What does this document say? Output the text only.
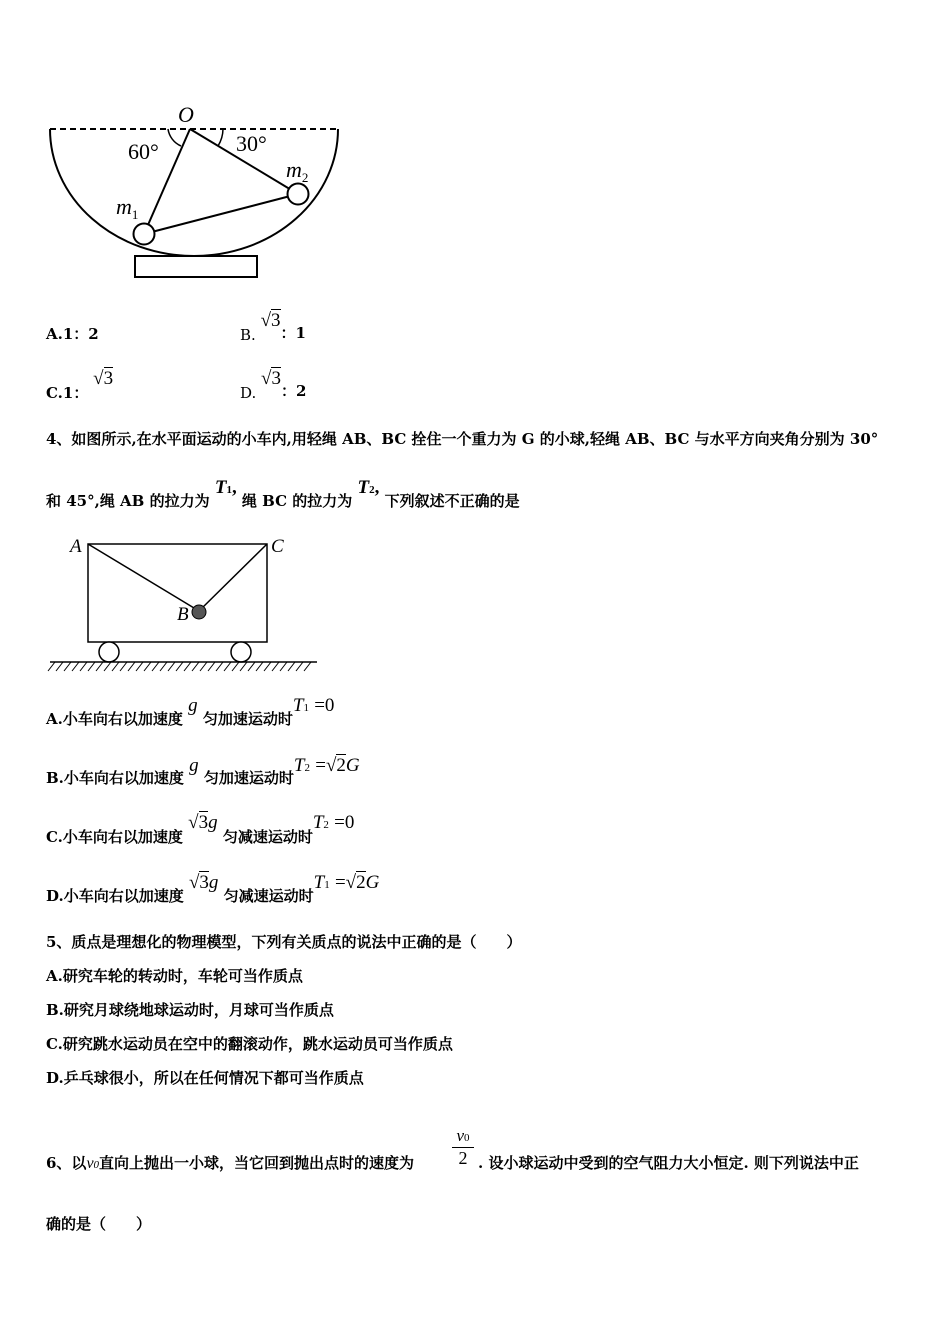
O
60°	30°
$m_2$
$m_1$
A.1：2	B. √3：1
C.1： √3
D. √3：2
4、如图所示,在水平面运动的小车内,用轻绳 AB、BC 拴住一个重力为 G 的小球,轻绳 AB、BC 与水平方向夹角分别为 30°
和 45°,绳 AB 的拉力为 T1, 绳 BC 的拉力为 T2, 下列叙述不正确的是
A	C
B
A.小车向右以加速度 g 匀加速运动时T1 =0
B.小车向右以加速度 g 匀加速运动时T2 =√2G
C.小车向右以加速度 √3g 匀减速运动时T2 =0
D.小车向右以加速度 √3g 匀减速运动时T1 =√2G
5、质点是理想化的物理模型，下列有关质点的说法中正确的是（　　）
A.研究车轮的转动时，车轮可当作质点
B.研究月球绕地球运动时，月球可当作质点
C.研究跳水运动员在空中的翻滚动作，跳水运动员可当作质点
D.乒乓球很小，所以在任何情况下都可当作质点
6、以v0直向上抛出一小球，当它回到抛出点时的速度为
v0
2 . 设小球运动中受到的空气阻力大小恒定. 则下列说法中正
确的是（　　）
